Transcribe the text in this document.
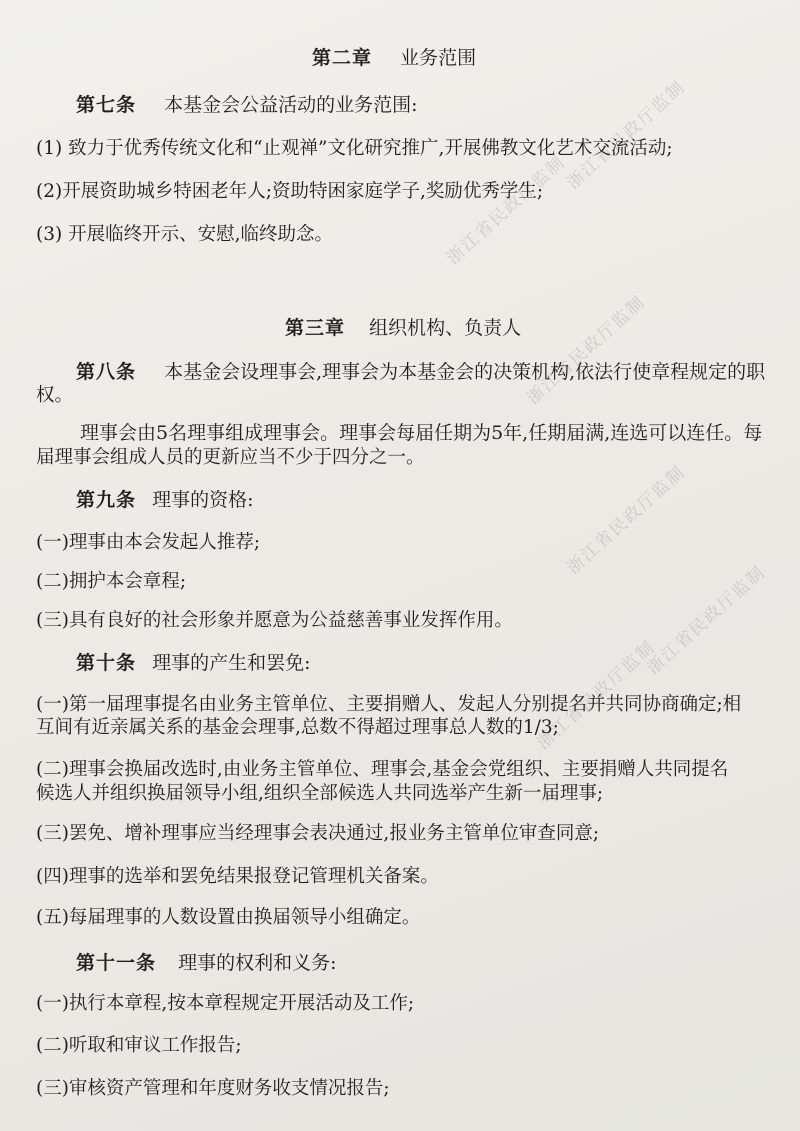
浙江省民政厅监制
浙江省民政厅监制
浙江省民政厅监制
浙江省民政厅监制
浙江省民政厅监制
浙江省民政厅监制
第二章 业务范围
第七条 本基金会公益活动的业务范围:
(1) 致力于优秀传统文化和“止观禅”文化研究推广,开展佛教文化艺术交流活动;
(2)开展资助城乡特困老年人;资助特困家庭学子,奖励优秀学生;
(3) 开展临终开示、安慰,临终助念。
第三章 组织机构、负责人
第八条 本基金会设理事会,理事会为本基金会的决策机构,依法行使章程规定的职
权。
理事会由5名理事组成理事会。理事会每届任期为5年,任期届满,连选可以连任。每
届理事会组成人员的更新应当不少于四分之一。
第九条 理事的资格:
(一)理事由本会发起人推荐;
(二)拥护本会章程;
(三)具有良好的社会形象并愿意为公益慈善事业发挥作用。
第十条 理事的产生和罢免:
(一)第一届理事提名由业务主管单位、主要捐赠人、发起人分别提名并共同协商确定;相
互间有近亲属关系的基金会理事,总数不得超过理事总人数的1/3;
(二)理事会换届改选时,由业务主管单位、理事会,基金会党组织、主要捐赠人共同提名
候选人并组织换届领导小组,组织全部候选人共同选举产生新一届理事;
(三)罢免、增补理事应当经理事会表决通过,报业务主管单位审查同意;
(四)理事的选举和罢免结果报登记管理机关备案。
(五)每届理事的人数设置由换届领导小组确定。
第十一条 理事的权利和义务:
(一)执行本章程,按本章程规定开展活动及工作;
(二)听取和审议工作报告;
(三)审核资产管理和年度财务收支情况报告;
